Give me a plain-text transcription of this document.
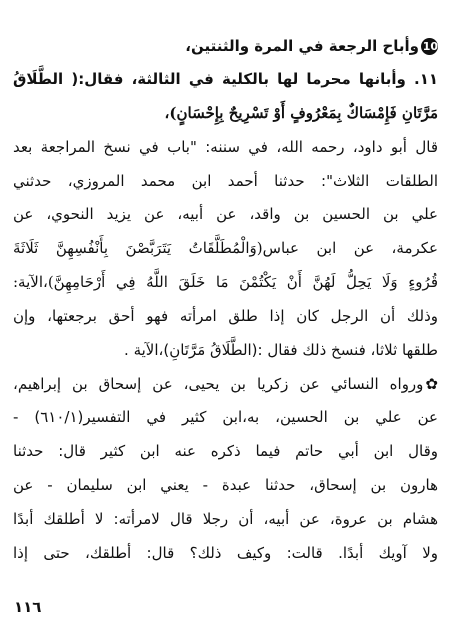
10وأباح الرجعة في المرة والثنتين،
١١. وأبانها محرما لها بالكلية في الثالثة، فقال:( الطَّلَاقُ
مَرَّتَانِ فَإِمْسَاكٌ بِمَعْرُوفٍ أَوْ تَسْرِيحٌ بِإِحْسَانٍ)،
قال أبو داود، رحمه الله، في سننه: "باب في نسخ المراجعة بعد
الطلقات الثلاث": حدثنا أحمد ابن محمد المروزي، حدثني
علي بن الحسين بن واقد، عن أبيه، عن يزيد النحوي، عن
عكرمة، عن ابن عباس(وَالْمُطَلَّقَاتُ يَتَرَبَّصْنَ بِأَنْفُسِهِنَّ ثَلَاثَةَ
قُرُوءٍ وَلَا يَحِلُّ لَهُنَّ أَنْ يَكْتُمْنَ مَا خَلَقَ اللَّهُ فِي أَرْحَامِهِنَّ)،الآية:
وذلك أن الرجل كان إذا طلق امرأته فهو أحق برجعتها، وإن
طلقها ثلاثا، فنسخ ذلك فقال :(الطَّلَاقُ مَرَّتَانِ)،الآية .
✿ورواه النسائي عن زكريا بن يحيى، عن إسحاق بن إبراهيم،
عن علي بن الحسين، به،ابن كثير في التفسير(٦١٠/١) -
وقال ابن أبي حاتم فيما ذكره عنه ابن كثير قال: حدثنا
هارون بن إسحاق، حدثنا عبدة - يعني ابن سليمان - عن
هشام بن عروة، عن أبيه، أن رجلا قال لامرأته: لا أطلقك أبدًا
ولا آويك أبدًا. قالت: وكيف ذلك؟ قال: أطلقك، حتى إذا
١١٦
